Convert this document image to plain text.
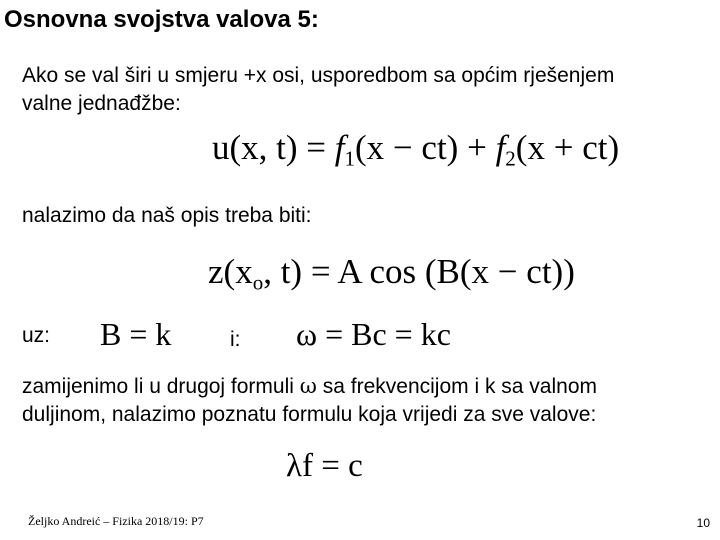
Osnovna svojstva valova 5:
Ako se val širi u smjeru +x osi, usporedbom sa općim rješenjem
valne jednađžbe:
u(x, $t) = f_1(x - ct) + f_2(x + ct)$
nalazimo da naš opis treba biti:
$z(x_o$, t) = A cos (B(x − ct))
uz: B = k	i: ω = Bc = kc
zamijenimo li u drugoj formuli ω sa frekvencijom i k sa valnom
duljinom, nalazimo poznatu formulu koja vrijedi za sve valove:
λf = c
Željko Andreić – Fizika 2018/19: P7	10
